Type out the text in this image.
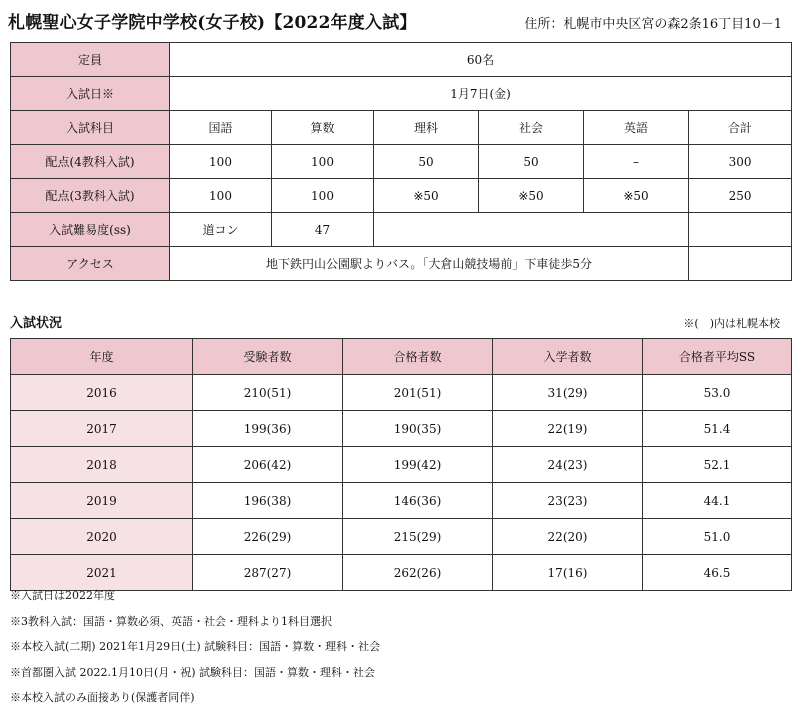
札幌聖心女子学院中学校(女子校)【2022年度入試】	住所：札幌市中央区宮の森2条16丁目10－1
定員	60名					
入試日※	1月7日(金)					
入試科目	国語	算数	理科	社会	英語	合計
配点(4教科入試)	100	100	50	50	–	300
配点(3教科入試)	100	100	※50	※50	※50	250
入試難易度(ss)	道コン	47				
アクセス	地下鉄円山公園駅よりバス。「大倉山競技場前」下車徒歩5分					
入試状況	※(　)内は札幌本校
年度	受験者数	合格者数	入学者数	合格者平均SS
2016	210(51)	201(51)	31(29)	53.0
2017	199(36)	190(35)	22(19)	51.4
2018	206(42)	199(42)	24(23)	52.1
2019	196(38)	146(36)	23(23)	44.1
2020	226(29)	215(29)	22(20)	51.0
2021	287(27)	262(26)	17(16)	46.5
※入試日は2022年度
※3教科入試：国語・算数必須、英語・社会・理科より1科目選択
※本校入試(二期) 2021年1月29日(土) 試験科目：国語・算数・理科・社会
※首都圏入試 2022.1月10日(月・祝) 試験科目：国語・算数・理科・社会
※本校入試のみ面接あり(保護者同伴)
